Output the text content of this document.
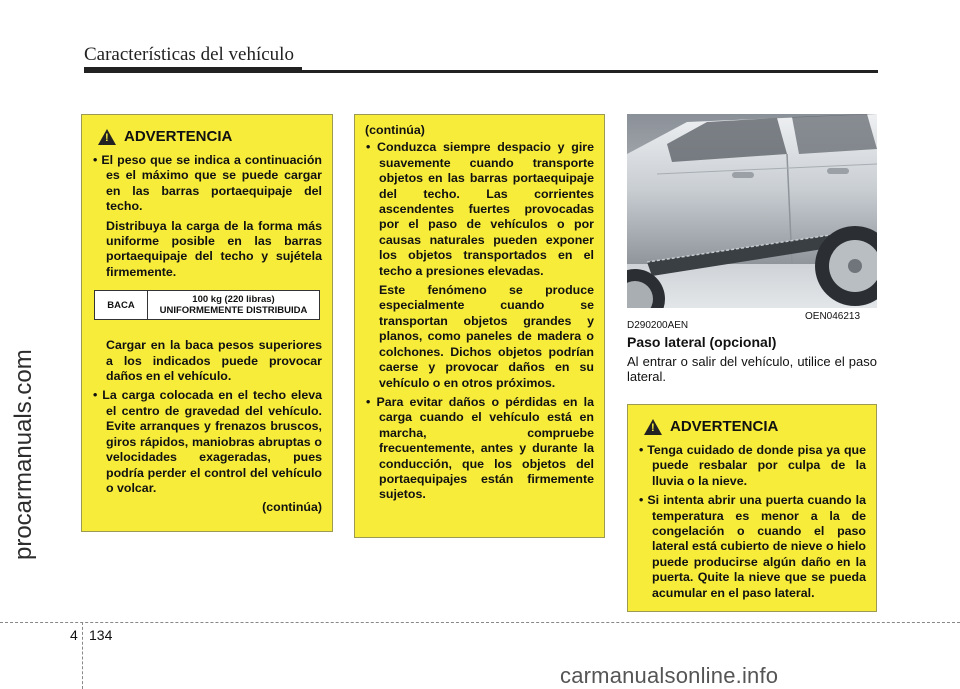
Características del vehículo
procarmanuals.com
! ADVERTENCIA
• El peso que se indica a continuación es el máximo que se puede cargar en las barras portaequipaje del techo.
Distribuya la carga de la forma más uniforme posible en las barras portaequipaje del techo y sujétela firmemente.
BACA	100 kg (220 libras)
UNIFORMEMENTE DISTRIBUIDA
Cargar en la baca pesos superiores a los indicados puede provocar daños en el vehículo.
• La carga colocada en el techo eleva el centro de gravedad del vehículo. Evite arranques y frenazos bruscos, giros rápidos, maniobras abruptas o velocidades exageradas, pues podría perder el control del vehículo o volcar.
(continúa)
(continúa)
• Conduzca siempre despacio y gire suavemente cuando transporte objetos en las barras portaequipaje del techo. Las corrientes ascendentes fuertes provocadas por el paso de vehículos o por causas naturales pueden exponer los objetos transportados en el techo a presiones elevadas.
Este fenómeno se produce especialmente cuando se transportan objetos grandes y planos, como paneles de madera o colchones. Dichos objetos podrían caerse y provocar daños en su vehículo o en otros próximos.
• Para evitar daños o pérdidas en la carga cuando el vehículo está en marcha, compruebe frecuentemente, antes y durante la conducción, que los objetos del portaequipajes están firmemente sujetos.
OEN046213
D290200AEN
Paso lateral (opcional)
Al entrar o salir del vehículo, utilice el paso lateral.
! ADVERTENCIA
• Tenga cuidado de donde pisa ya que puede resbalar por culpa de la lluvia o la nieve.
• Si intenta abrir una puerta cuando la temperatura es menor a la de congelación o cuando el paso lateral está cubierto de nieve o hielo puede producirse algún daño en la puerta. Quite la nieve que se pueda acumular en el paso lateral.
4 134
carmanualsonline.info
